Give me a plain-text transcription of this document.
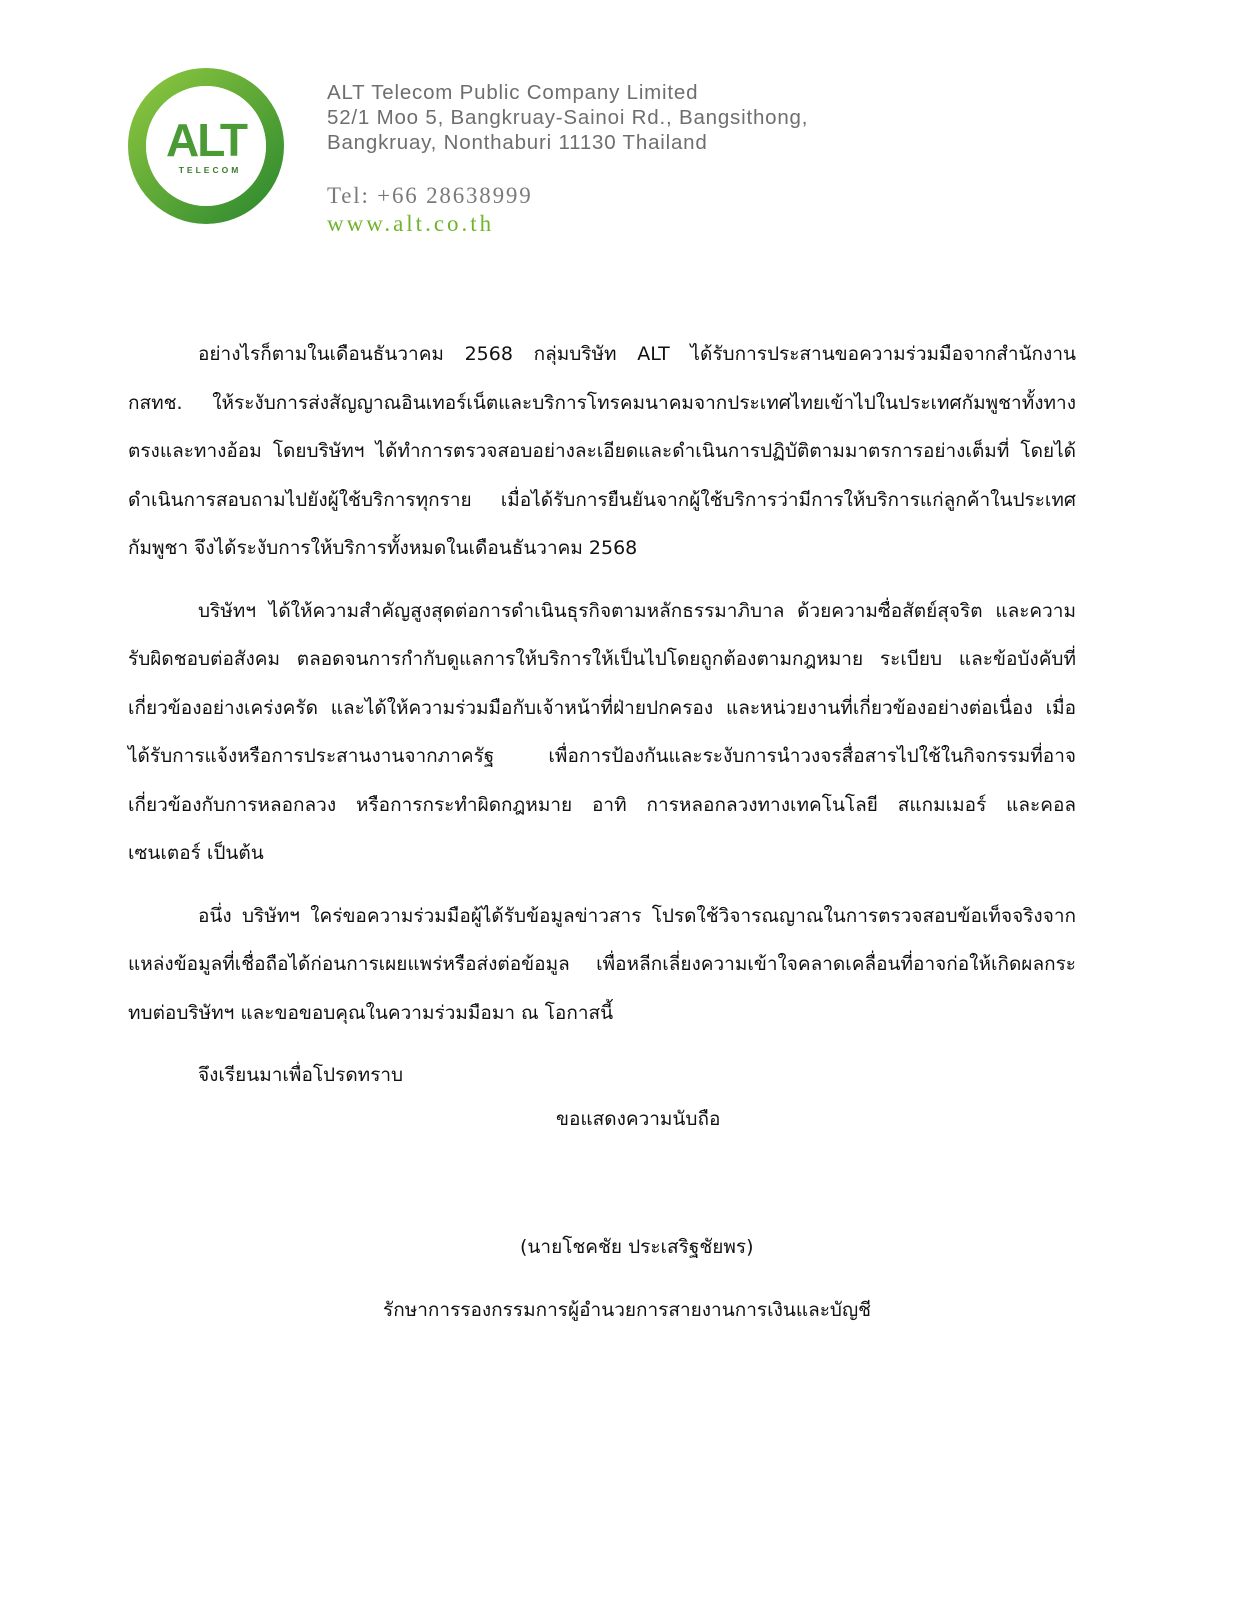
ALT
TELECOM
ALT Telecom Public Company Limited
52/1 Moo 5, Bangkruay-Sainoi Rd., Bangsithong,
Bangkruay, Nonthaburi 11130 Thailand
Tel: +66 28638999
www.alt.co.th

อย่างไรก็ตามในเดือนธันวาคม 2568 กลุ่มบริษัท ALT ได้รับการประสานขอความร่วมมือจากสำนักงาน กสทช. ให้ระงับการส่งสัญญาณอินเทอร์เน็ตและบริการโทรคมนาคมจากประเทศไทยเข้าไปในประเทศกัมพูชาทั้งทางตรงและทางอ้อม โดยบริษัทฯ ได้ทำการตรวจสอบอย่างละเอียดและดำเนินการปฏิบัติตามมาตรการอย่างเต็มที่ โดยได้ดำเนินการสอบถามไปยังผู้ใช้บริการทุกราย เมื่อได้รับการยืนยันจากผู้ใช้บริการว่ามีการให้บริการแก่ลูกค้าในประเทศกัมพูชา จึงได้ระงับการให้บริการทั้งหมดในเดือนธันวาคม 2568

บริษัทฯ ได้ให้ความสำคัญสูงสุดต่อการดำเนินธุรกิจตามหลักธรรมาภิบาล ด้วยความซื่อสัตย์สุจริต และความรับผิดชอบต่อสังคม ตลอดจนการกำกับดูแลการให้บริการให้เป็นไปโดยถูกต้องตามกฎหมาย ระเบียบ และข้อบังคับที่เกี่ยวข้องอย่างเคร่งครัด และได้ให้ความร่วมมือกับเจ้าหน้าที่ฝ่ายปกครอง และหน่วยงานที่เกี่ยวข้องอย่างต่อเนื่อง เมื่อได้รับการแจ้งหรือการประสานงานจากภาครัฐ เพื่อการป้องกันและระงับการนำวงจรสื่อสารไปใช้ในกิจกรรมที่อาจเกี่ยวข้องกับการหลอกลวง หรือการกระทำผิดกฎหมาย อาทิ การหลอกลวงทางเทคโนโลยี สแกมเมอร์ และคอลเซนเตอร์ เป็นต้น

อนึ่ง บริษัทฯ ใคร่ขอความร่วมมือผู้ได้รับข้อมูลข่าวสาร โปรดใช้วิจารณญาณในการตรวจสอบข้อเท็จจริงจากแหล่งข้อมูลที่เชื่อถือได้ก่อนการเผยแพร่หรือส่งต่อข้อมูล เพื่อหลีกเลี่ยงความเข้าใจคลาดเคลื่อนที่อาจก่อให้เกิดผลกระทบต่อบริษัทฯ และขอขอบคุณในความร่วมมือมา ณ โอกาสนี้

จึงเรียนมาเพื่อโปรดทราบ

ขอแสดงความนับถือ
(นายโชคชัย ประเสริฐชัยพร)
รักษาการรองกรรมการผู้อำนวยการสายงานการเงินและบัญชี
